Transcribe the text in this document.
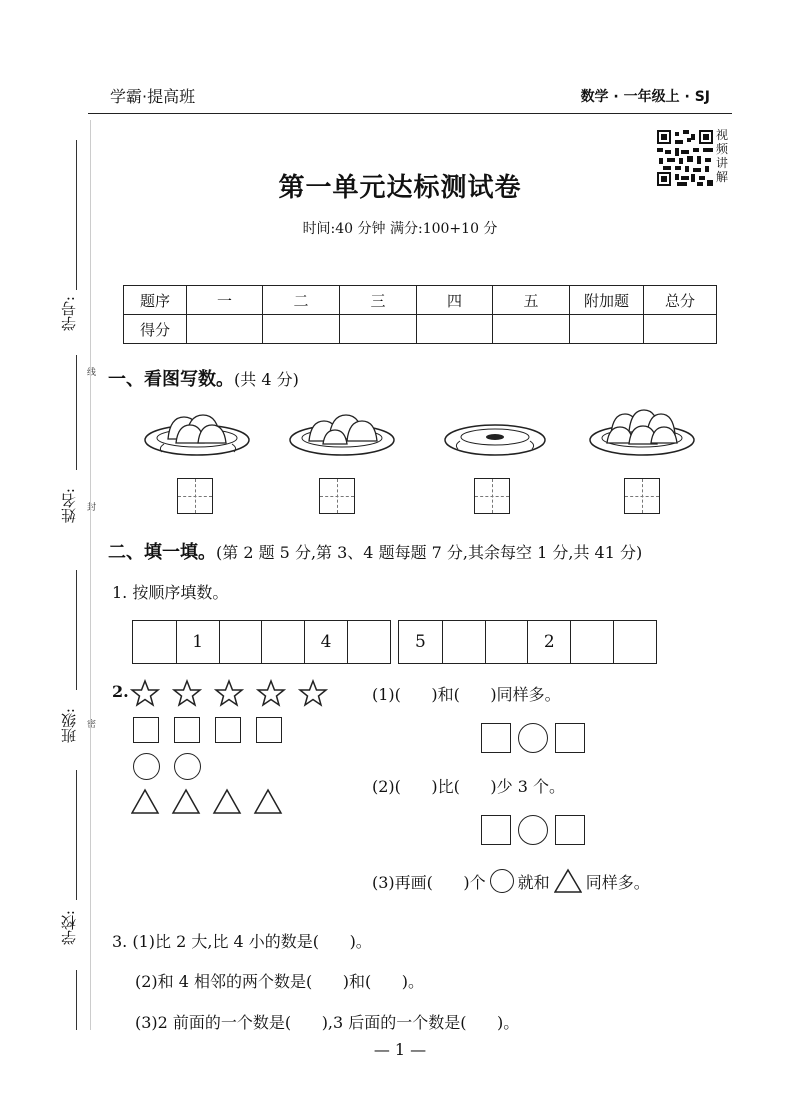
学号:
线
姓名: 封
班级: 密
学校:
学霸·提高班	数学 · 一年级上 · SJ
视频讲解
第一单元达标测试卷
时间:40 分钟 满分:100+10 分
题序	一	二	三	四	五	附加题	总分
得分							
一、看图写数。(共 4 分)
二、填一填。(第 2 题 5 分,第 3、4 题每题 7 分,其余每空 1 分,共 41 分)
1. 按顺序填数。
1	4	5	2
2.	(1)(      )和(      )同样多。
(2)(      )比(      )少 3 个。
(3)再画(      )个 就和 同样多。
3. (1)比 2 大,比 4 小的数是(      )。
(2)和 4 相邻的两个数是(      )和(      )。
(3)2 前面的一个数是(      ),3 后面的一个数是(      )。
— 1 —
